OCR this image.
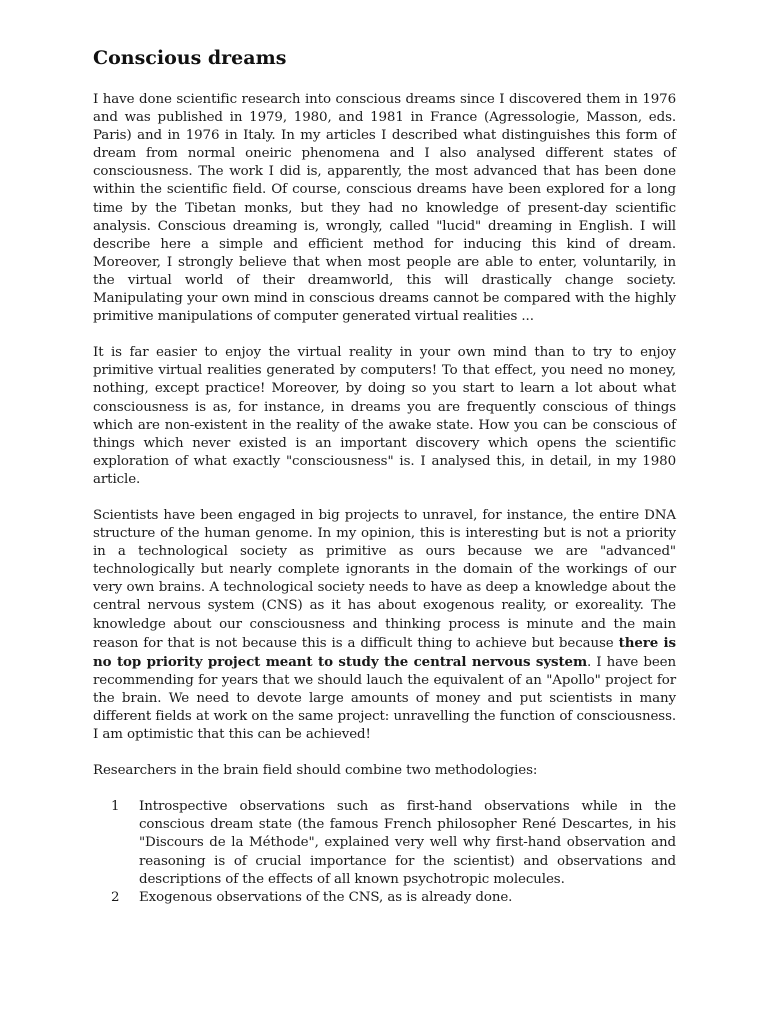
Conscious dreams

I have done scientific research into conscious dreams since I discovered them in 1976 and was published in 1979, 1980, and 1981 in France (Agressologie, Masson, eds. Paris) and in 1976 in Italy. In my articles I described what distinguishes this form of dream from normal oneiric phenomena and I also analysed different states of consciousness. The work I did is, apparently, the most advanced that has been done within the scientific field. Of course, conscious dreams have been explored for a long time by the Tibetan monks, but they had no knowledge of present-day scientific analysis. Conscious dreaming is, wrongly, called "lucid" dreaming in English. I will describe here a simple and efficient method for inducing this kind of dream. Moreover, I strongly believe that when most people are able to enter, voluntarily, in the virtual world of their dreamworld, this will drastically change society. Manipulating your own mind in conscious dreams cannot be compared with the highly primitive manipulations of computer generated virtual realities ...

It is far easier to enjoy the virtual reality in your own mind than to try to enjoy primitive virtual realities generated by computers! To that effect, you need no money, nothing, except practice! Moreover, by doing so you start to learn a lot about what consciousness is as, for instance, in dreams you are frequently conscious of things which are non-existent in the reality of the awake state. How you can be conscious of things which never existed is an important discovery which opens the scientific exploration of what exactly "consciousness" is. I analysed this, in detail, in my 1980 article.

Scientists have been engaged in big projects to unravel, for instance, the entire DNA structure of the human genome. In my opinion, this is interesting but is not a priority in a technological society as primitive as ours because we are "advanced" technologically but nearly complete ignorants in the domain of the workings of our very own brains. A technological society needs to have as deep a knowledge about the central nervous system (CNS) as it has about exogenous reality, or exoreality. The knowledge about our consciousness and thinking process is minute and the main reason for that is not because this is a difficult thing to achieve but because there is no top priority project meant to study the central nervous system. I have been recommending for years that we should lauch the equivalent of an "Apollo" project for the brain. We need to devote large amounts of money and put scientists in many different fields at work on the same project: unravelling the function of consciousness. I am optimistic that this can be achieved!

Researchers in the brain field should combine two methodologies:

1 Introspective observations such as first-hand observations while in the conscious dream state (the famous French philosopher René Descartes, in his "Discours de la Méthode", explained very well why first-hand observation and reasoning is of crucial importance for the scientist) and observations and descriptions of the effects of all known psychotropic molecules.
2 Exogenous observations of the CNS, as is already done.
